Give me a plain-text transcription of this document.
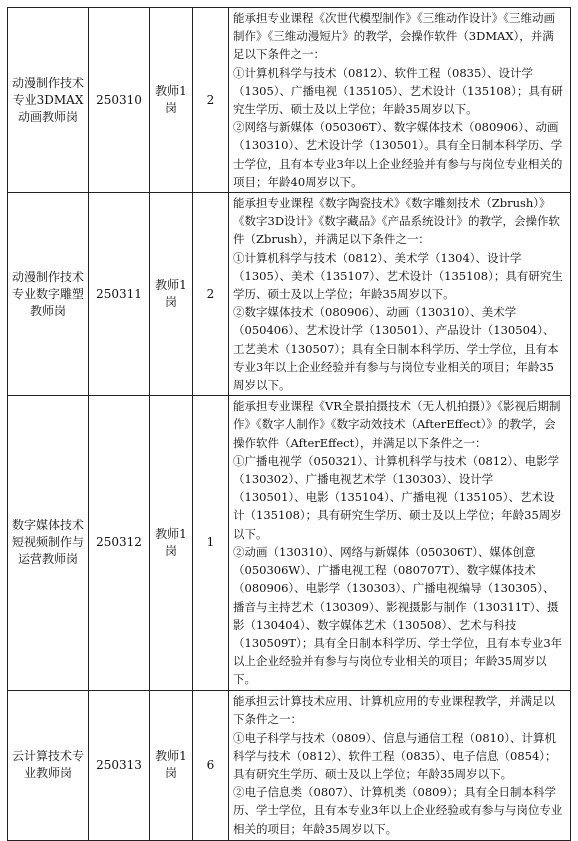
动漫制作技术专业3DMAX动画教师岗	250310	教师1岗	2	能承担专业课程《次世代模型制作》《三维动作设计》《三维动画制作》《三维动漫短片》的教学，会操作软件（3DMAX），并满足以下条件之一：
①计算机科学与技术（0812）、软件工程（0835）、设计学（1305）、广播电视（135105）、艺术设计（135108）；具有研究生学历、硕士及以上学位；年龄35周岁以下。
②网络与新媒体（050306T）、数字媒体技术（080906）、动画（130310）、艺术设计学（130501）。具有全日制本科学历、学士学位，且有本专业3年以上企业经验并有参与与岗位专业相关的项目；年龄40周岁以下。

动漫制作技术专业数字雕塑教师岗	250311	教师1岗	2	能承担专业课程《数字陶瓷技术》《数字雕刻技术（Zbrush）》《数字3D设计》《数字藏品》《产品系统设计》的教学，会操作软件（Zbrush），并满足以下条件之一：
①计算机科学与技术（0812）、美术学（1304）、设计学（1305）、美术（135107）、艺术设计（135108）；具有研究生学历、硕士及以上学位；年龄35周岁以下。
②数字媒体技术（080906）、动画（130310）、美术学（050406）、艺术设计学（130501）、产品设计（130504）、工艺美术（130507）；具有全日制本科学历、学士学位，且有本专业3年以上企业经验并有参与与岗位专业相关的项目；年龄35周岁以下。

数字媒体技术短视频制作与运营教师岗	250312	教师1岗	1	能承担专业课程《VR全景拍摄技术（无人机拍摄）》《影视后期制作》《数字人制作》《数字动效技术（AfterEffect）》的教学，会操作软件（AfterEffect），并满足以下条件之一：
①广播电视学（050321）、计算机科学与技术（0812）、电影学（130302）、广播电视艺术学（130303）、设计学（130501）、电影（135104）、广播电视（135105）、艺术设计（135108）；具有研究生学历、硕士及以上学位；年龄35周岁以下。
②动画（130310）、网络与新媒体（050306T）、媒体创意（050306W）、广播电视工程（080707T）、数字媒体技术（080906）、电影学（130303）、广播电视编导（130305）、播音与主持艺术（130309）、影视摄影与制作（130311T）、摄影（130404）、数字媒体艺术（130508）、艺术与科技（130509T）；具有全日制本科学历、学士学位，且有本专业3年以上企业经验并有参与与岗位专业相关的项目；年龄35周岁以下。

云计算技术专业教师岗	250313	教师1岗	6	能承担云计算技术应用、计算机应用的专业课程教学，并满足以下条件之一：
①电子科学与技术（0809）、信息与通信工程（0810）、计算机科学与技术（0812）、软件工程（0835）、电子信息（0854）；具有研究生学历、硕士及以上学位；年龄35周岁以下。
②电子信息类（0807）、计算机类（0809）；具有全日制本科学历、学士学位，且有本专业3年以上企业经验或有参与与岗位专业相关的项目；年龄35周岁以下。
